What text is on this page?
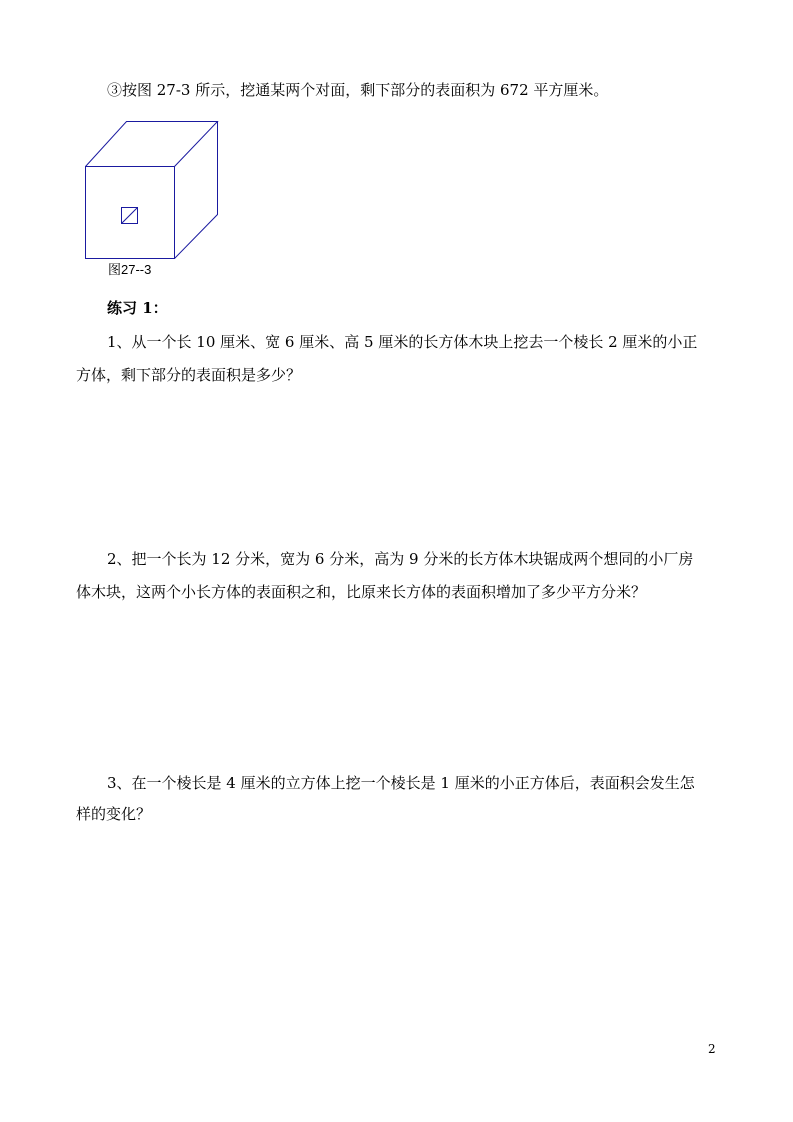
③按图 27-3 所示，挖通某两个对面，剩下部分的表面积为 672 平方厘米。

图27--3
练习 1：

1、从一个长 10 厘米、宽 6 厘米、高 5 厘米的长方体木块上挖去一个棱长 2 厘米的小正

方体，剩下部分的表面积是多少？

2、把一个长为 12 分米，宽为 6 分米，高为 9 分米的长方体木块锯成两个想同的小厂房

体木块，这两个小长方体的表面积之和，比原来长方体的表面积增加了多少平方分米？

3、在一个棱长是 4 厘米的立方体上挖一个棱长是 1 厘米的小正方体后，表面积会发生怎

样的变化？

2
